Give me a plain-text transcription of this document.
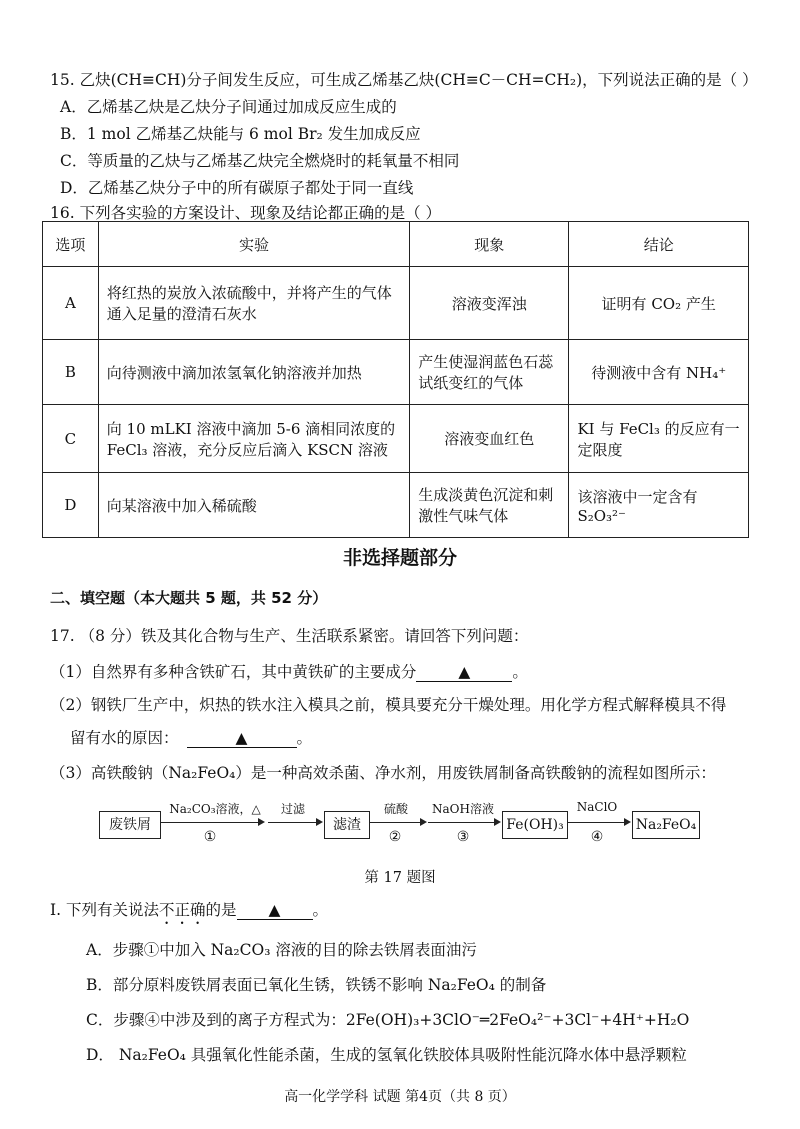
15. 乙炔(CH≡CH)分子间发生反应，可生成乙烯基乙炔(CH≡C－CH=CH₂)，下列说法正确的是（ ）
A．乙烯基乙炔是乙炔分子间通过加成反应生成的
B．1 mol 乙烯基乙炔能与 6 mol Br₂ 发生加成反应
C．等质量的乙炔与乙烯基乙炔完全燃烧时的耗氧量不相同
D．乙烯基乙炔分子中的所有碳原子都处于同一直线
16. 下列各实验的方案设计、现象及结论都正确的是（ ）
选项	实验	现象	结论
A	将红热的炭放入浓硫酸中，并将产生的气体通入足量的澄清石灰水	溶液变浑浊	证明有 CO₂ 产生
B	向待测液中滴加浓氢氧化钠溶液并加热	产生使湿润蓝色石蕊试纸变红的气体	待测液中含有 NH₄⁺
C	向 10 mLKI 溶液中滴加 5-6 滴相同浓度的 FeCl₃ 溶液，充分反应后滴入 KSCN 溶液	溶液变血红色	KI 与 FeCl₃ 的反应有一定限度
D	向某溶液中加入稀硫酸	生成淡黄色沉淀和刺激性气味气体	该溶液中一定含有 S₂O₃²⁻
非选择题部分
二、填空题（本大题共 5 题，共 52 分）
17. （8 分）铁及其化合物与生产、生活联系紧密。请回答下列问题：
（1）自然界有多种含铁矿石，其中黄铁矿的主要成分	▲	。
（2）钢铁厂生产中，炽热的铁水注入模具之前，模具要充分干燥处理。用化学方程式解释模具不得
留有水的原因：	▲	。
（3）高铁酸钠（Na₂FeO₄）是一种高效杀菌、净水剂，用废铁屑制备高铁酸钠的流程如图所示：
废铁屑
Na₂CO₃溶液，△
①
过滤
滤渣
硫酸
②
NaOH溶液
③
Fe(OH)₃
NaClO
④
Na₂FeO₄
第 17 题图
I. 下列有关说法不正确的是 ▲ 。
A．步骤①中加入 Na₂CO₃ 溶液的目的除去铁屑表面油污
B．部分原料废铁屑表面已氧化生锈，铁锈不影响 Na₂FeO₄ 的制备
C．步骤④中涉及到的离子方程式为：2Fe(OH)₃+3ClO⁻═2FeO₄²⁻+3Cl⁻+4H⁺+H₂O
D． Na₂FeO₄ 具强氧化性能杀菌，生成的氢氧化铁胶体具吸附性能沉降水体中悬浮颗粒
高一化学学科 试题 第4页（共 8 页）
